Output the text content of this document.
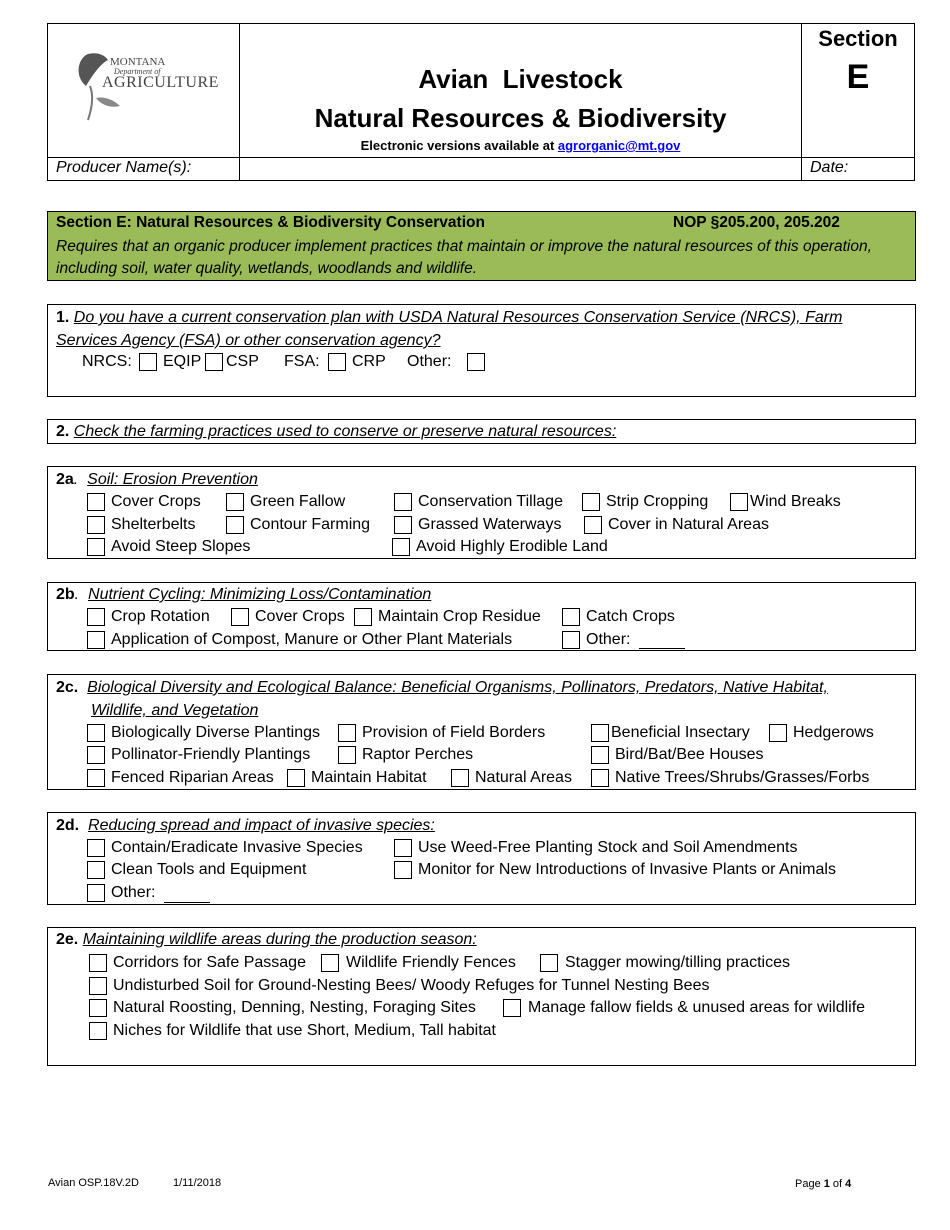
MONTANA
Department of
AGRICULTURE	Avian  Livestock
Natural Resources & Biodiversity
Electronic versions available at agrorganic@mt.gov
Section
E
Producer Name(s):	Date:
Section E: Natural Resources & Biodiversity Conservation	NOP §205.200, 205.202
Requires that an organic producer implement practices that maintain or improve the natural resources of this operation, including soil, water quality, wetlands, woodlands and wildlife.
1. Do you have a current conservation plan with USDA Natural Resources Conservation Service (NRCS), Farm Services Agency (FSA) or other conservation agency?
NRCS: EQIP CSP FSA: CRP Other:
2. Check the farming practices used to conserve or preserve natural resources:
2a.  Soil: Erosion Prevention
Cover Crops	Green Fallow	Conservation Tillage	Strip Cropping	Wind Breaks
Shelterbelts	Contour Farming	Grassed Waterways	Cover in Natural Areas
Avoid Steep Slopes	Avoid Highly Erodible Land
2b.  Nutrient Cycling: Minimizing Loss/Contamination
Crop Rotation	Cover Crops Maintain Crop Residue	Catch Crops
Application of Compost, Manure or Other Plant Materials	Other:
2c. Biological Diversity and Ecological Balance: Beneficial Organisms, Pollinators, Predators, Native Habitat,
Wildlife, and Vegetation
Biologically Diverse Plantings	Provision of Field Borders	Beneficial Insectary	Hedgerows
Pollinator-Friendly Plantings	Raptor Perches	Bird/Bat/Bee Houses
Fenced Riparian Areas Maintain Habitat	Natural Areas	Native Trees/Shrubs/Grasses/Forbs
2d. Reducing spread and impact of invasive species:
Contain/Eradicate Invasive Species	Use Weed-Free Planting Stock and Soil Amendments
Clean Tools and Equipment	Monitor for New Introductions of Invasive Plants or Animals
Other:
2e. Maintaining wildlife areas during the production season:
Corridors for Safe Passage	Wildlife Friendly Fences	Stagger mowing/tilling practices
Undisturbed Soil for Ground-Nesting Bees/ Woody Refuges for Tunnel Nesting Bees
Natural Roosting, Denning, Nesting, Foraging Sites	Manage fallow fields & unused areas for wildlife
Niches for Wildlife that use Short, Medium, Tall habitat
Avian OSP.18V.2D	1/11/2018	Page 1 of 4
